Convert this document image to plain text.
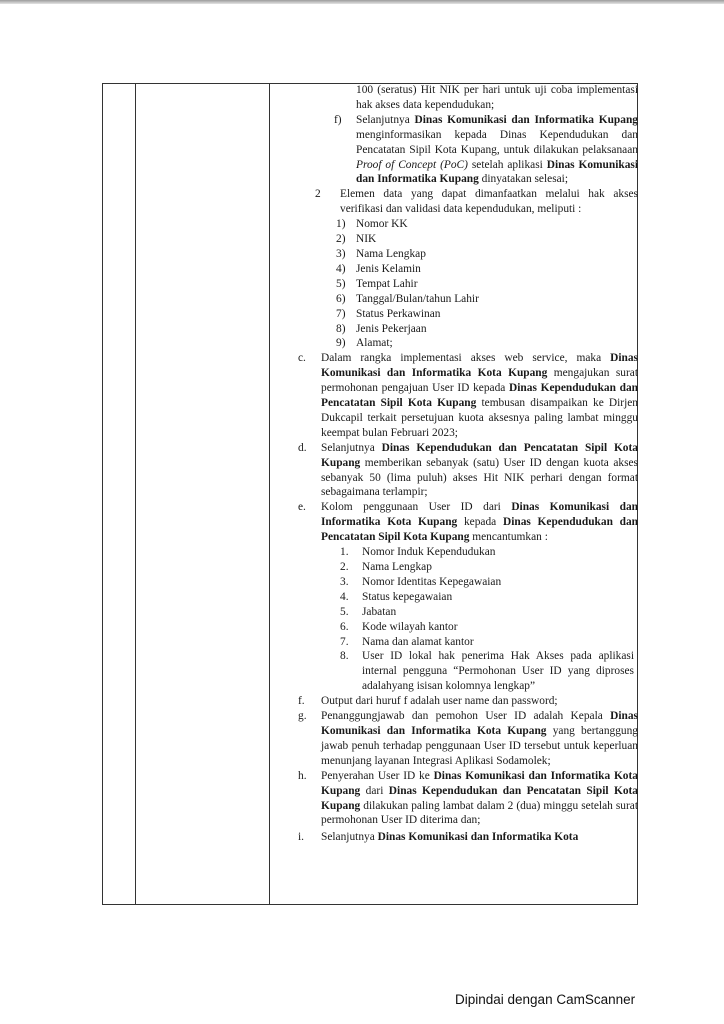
100 (seratus) Hit NIK per hari untuk uji coba implementasi hak akses data kependudukan;
f) Selanjutnya Dinas Komunikasi dan Informatika Kupang menginformasikan kepada Dinas Kependudukan dan Pencatatan Sipil Kota Kupang, untuk dilakukan pelaksanaan Proof of Concept (PoC) setelah aplikasi Dinas Komunikasi dan Informatika Kupang dinyatakan selesai;
2 Elemen data yang dapat dimanfaatkan melalui hak akses verifikasi dan validasi data kependudukan, meliputi :
1) Nomor KK
2) NIK
3) Nama Lengkap
4) Jenis Kelamin
5) Tempat Lahir
6) Tanggal/Bulan/tahun Lahir
7) Status Perkawinan
8) Jenis Pekerjaan
9) Alamat;
c. Dalam rangka implementasi akses web service, maka Dinas Komunikasi dan Informatika Kota Kupang mengajukan surat permohonan pengajuan User ID kepada Dinas Kependudukan dan Pencatatan Sipil Kota Kupang tembusan disampaikan ke Dirjen Dukcapil terkait persetujuan kuota aksesnya paling lambat minggu keempat bulan Februari 2023;
d. Selanjutnya Dinas Kependudukan dan Pencatatan Sipil Kota Kupang memberikan sebanyak (satu) User ID dengan kuota akses sebanyak 50 (lima puluh) akses Hit NIK perhari dengan format sebagaimana terlampir;
e. Kolom penggunaan User ID dari Dinas Komunikasi dan Informatika Kota Kupang kepada Dinas Kependudukan dan Pencatatan Sipil Kota Kupang mencantumkan :
1. Nomor Induk Kependudukan
2. Nama Lengkap
3. Nomor Identitas Kepegawaian
4. Status kepegawaian
5. Jabatan
6. Kode wilayah kantor
7. Nama dan alamat kantor
8. User ID lokal hak penerima Hak Akses pada aplikasi internal pengguna “Permohonan User ID yang diproses adalahyang isisan kolomnya lengkap”
f. Output dari huruf f adalah user name dan password;
g. Penanggungjawab dan pemohon User ID adalah Kepala Dinas Komunikasi dan Informatika Kota Kupang yang bertanggung jawab penuh terhadap penggunaan User ID tersebut untuk keperluan menunjang layanan Integrasi Aplikasi Sodamolek;
h. Penyerahan User ID ke Dinas Komunikasi dan Informatika Kota Kupang dari Dinas Kependudukan dan Pencatatan Sipil Kota Kupang dilakukan paling lambat dalam 2 (dua) minggu setelah surat permohonan User ID diterima dan;
i. Selanjutnya Dinas Komunikasi dan Informatika Kota
Dipindai dengan CamScanner
